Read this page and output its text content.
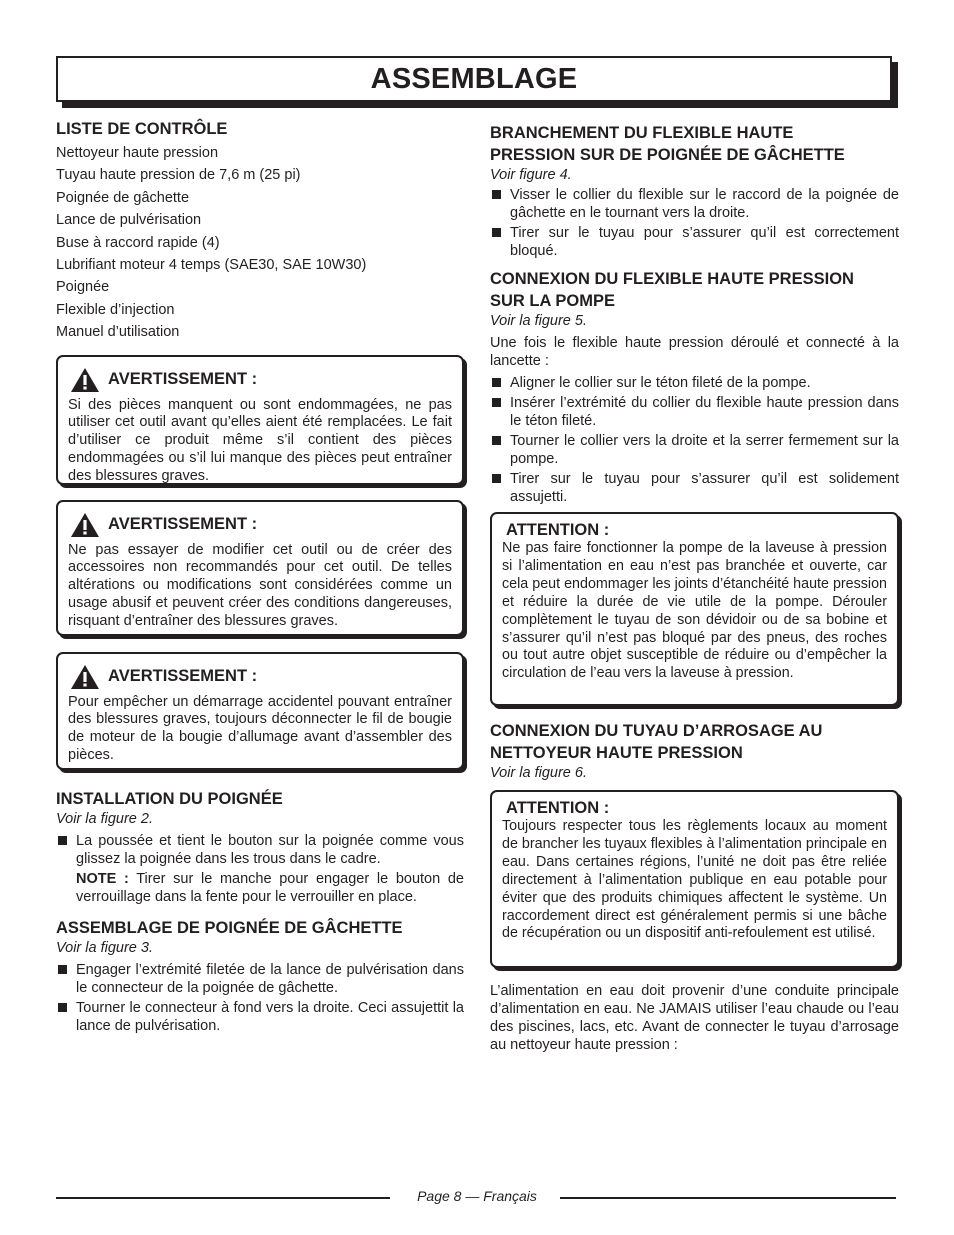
ASSEMBLAGE

LISTE DE CONTRÔLE

Nettoyeur haute pression

Tuyau haute pression de 7,6 m (25 pi)

Poignée de gâchette

Lance de pulvérisation

Buse à raccord rapide (4)

Lubrifiant moteur 4 temps (SAE30, SAE 10W30)

Poignée

Flexible d’injection

Manuel d’utilisation

AVERTISSEMENT :

Si des pièces manquent ou sont endommagées, ne pas utiliser cet outil avant qu’elles aient été remplacées. Le fait d’utiliser ce produit même s’il contient des pièces endommagées ou s’il lui manque des pièces peut entraîner des blessures graves.

AVERTISSEMENT :

Ne pas essayer de modifier cet outil ou de créer des accessoires non recommandés pour cet outil. De telles altérations ou modifications sont considérées comme un usage abusif et peuvent créer des conditions dangereuses, risquant d’entraîner des blessures graves.

AVERTISSEMENT :

Pour empêcher un démarrage accidentel pouvant entraîner des blessures graves, toujours déconnecter le fil de bougie de moteur de la bougie d’allumage avant d’assembler des pièces.

INSTALLATION DU POIGNÉE

Voir la figure 2.

La poussée et tient le bouton sur la poignée comme vous glissez la poignée dans les trous dans le cadre.

NOTE : Tirer sur le manche pour engager le bouton de verrouillage dans la fente pour le verrouiller en place.

ASSEMBLAGE DE POIGNÉE DE GÂCHETTE

Voir la figure 3.

Engager l’extrémité filetée de la lance de pulvérisation dans le connecteur de la poignée de gâchette.
Tourner le connecteur à fond vers la droite. Ceci assujettit la lance de pulvérisation.

BRANCHEMENT DU FLEXIBLE HAUTE
PRESSION SUR DE POIGNÉE DE GÂCHETTE

Voir figure 4.

Visser le collier du flexible sur le raccord de la poignée de gâchette en le tournant vers la droite.
Tirer sur le tuyau pour s’assurer qu’il est correctement bloqué.

CONNEXION DU FLEXIBLE HAUTE PRESSION
SUR LA POMPE

Voir la figure 5.

Une fois le flexible haute pression déroulé et connecté à la lancette :

Aligner le collier sur le téton fileté de la pompe.
Insérer l’extrémité du collier du flexible haute pression dans le téton fileté.
Tourner le collier vers la droite et la serrer fermement sur la pompe.
Tirer sur le tuyau pour s’assurer qu’il est solidement assujetti.

ATTENTION :

Ne pas faire fonctionner la pompe de la laveuse à pression si l’alimentation en eau n’est pas branchée et ouverte, car cela peut endommager les joints d’étanchéité haute pression et réduire la durée de vie utile de la pompe. Dérouler complètement le tuyau de son dévidoir ou de sa bobine et s’assurer qu’il n’est pas bloqué par des pneus, des roches ou tout autre objet susceptible de réduire ou d’empêcher la circulation de l’eau vers la laveuse à pression.

CONNEXION DU TUYAU D’ARROSAGE AU
NETTOYEUR HAUTE PRESSION

Voir la figure 6.

ATTENTION :

Toujours respecter tous les règlements locaux au moment de brancher les tuyaux flexibles à l’alimentation principale en eau. Dans certaines régions, l’unité ne doit pas être reliée directement à l’alimentation publique en eau potable pour éviter que des produits chimiques affectent le système. Un raccordement direct est généralement permis si une bâche de récupération ou un dispositif anti-refoulement est utilisé.

L’alimentation en eau doit provenir d’une conduite principale d’alimentation en eau. Ne JAMAIS utiliser l’eau chaude ou l’eau des piscines, lacs, etc. Avant de connecter le tuyau d’arrosage au nettoyeur haute pression :

Page 8 — Français
